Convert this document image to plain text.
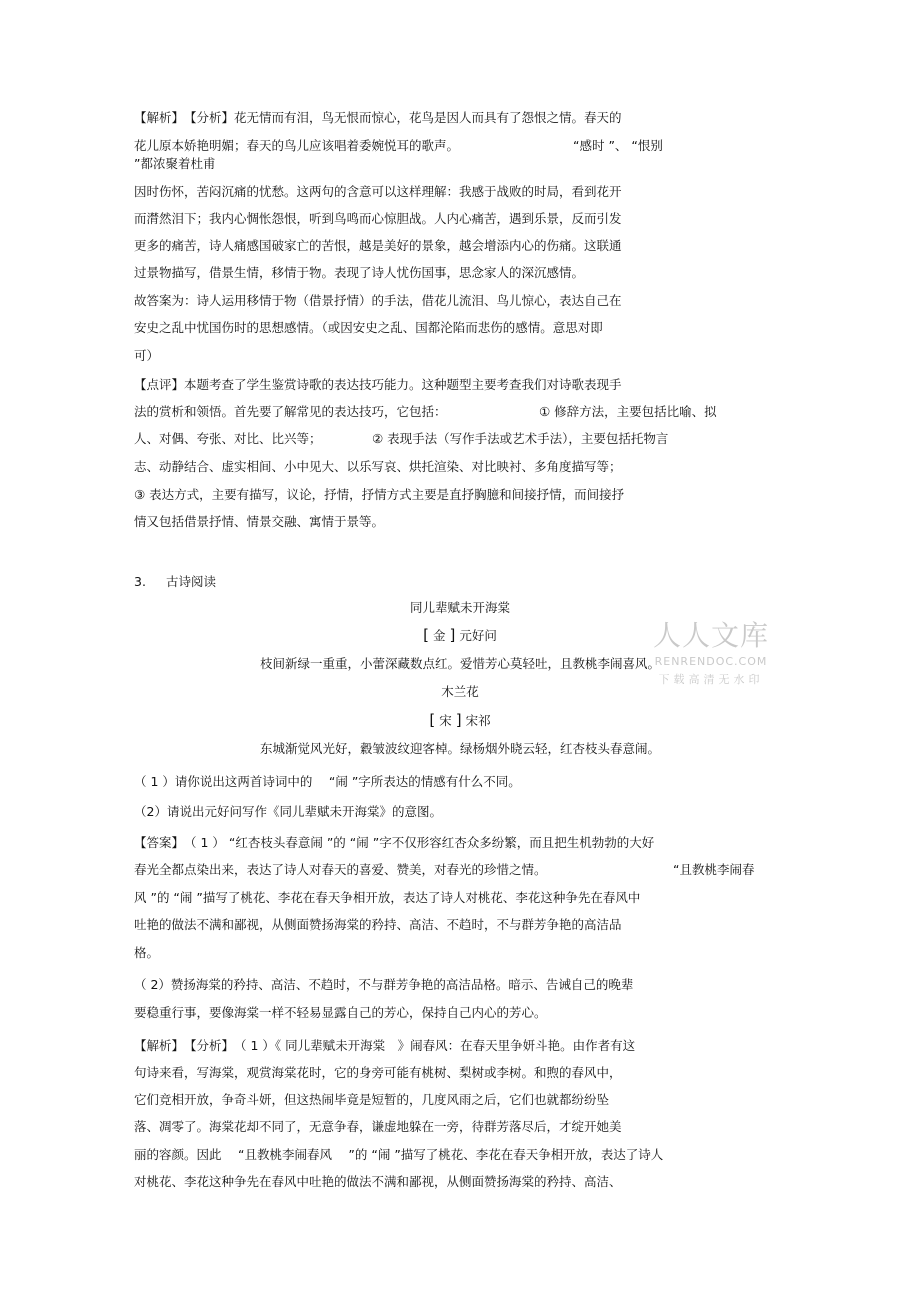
【解析】　【分析】花无情而有泪，鸟无恨而惊心，花鸟是因人而具有了怨恨之情。春天的
花儿原本娇艳明媚；春天的鸟儿应该唱着委婉悦耳的歌声。	“感时 ”、 “恨别
”都浓聚着杜甫
因时伤怀，苦闷沉痛的忧愁。这两句的含意可以这样理解：我感于战败的时局，看到花开
而潸然泪下；我内心惆怅怨恨，听到鸟鸣而心惊胆战。人内心痛苦，遇到乐景，反而引发
更多的痛苦，诗人痛感国破家亡的苦恨，越是美好的景象，越会增添内心的伤痛。这联通
过景物描写，借景生情，移情于物。表现了诗人忧伤国事，思念家人的深沉感情。
故答案为：诗人运用移情于物（借景抒情）的手法，借花儿流泪、鸟儿惊心，表达自己在
安史之乱中忧国伤时的思想感情。（或因安史之乱、国都沦陷而悲伤的感情。意思对即
可）
【点评】本题考查了学生鉴赏诗歌的表达技巧能力。这种题型主要考查我们对诗歌表现手
法的赏析和领悟。首先要了解常见的表达技巧，它包括：	① 修辞方法，主要包括比喻、拟
人、对偶、夸张、对比、比兴等；	② 表现手法（写作手法或艺术手法），主要包括托物言
志、动静结合、虚实相间、小中见大、以乐写哀、烘托渲染、对比映衬、多角度描写等；
③ 表达方式，主要有描写，议论，抒情，抒情方式主要是直抒胸臆和间接抒情，而间接抒
情又包括借景抒情、情景交融、寓情于景等。
3. 古诗阅读
同儿辈赋未开海棠
[ 金 ] 元好问
枝间新绿一重重，小蕾深藏数点红。爱惜芳心莫轻吐，且教桃李闹喜风。
木兰花
[ 宋 ] 宋祁
东城渐觉风光好，縠皱波纹迎客棹。绿杨烟外晓云轻，红杏枝头春意闹。
（ 1 ）请你说出这两首诗词中的　 “闹 ”字所表达的情感有什么不同。
（2）请说出元好问写作《同儿辈赋未开海棠》的意图。
【答案】　（ 1 ） “红杏枝头春意闹 ”的 “闹 ”字不仅形容红杏众多纷繁，而且把生机勃勃的大好
春光全都点染出来，表达了诗人对春天的喜爱、赞美，对春光的珍惜之情。	“且教桃李闹春
风 ”的 “闹 ”描写了桃花、李花在春天争相开放，表达了诗人对桃花、李花这种争先在春风中
吐艳的做法不满和鄙视，从侧面赞扬海棠的矜持、高洁、不趋时，不与群芳争艳的高洁品
格。
（ 2）赞扬海棠的矜持、高洁、不趋时，不与群芳争艳的高洁品格。暗示、告诫自己的晚辈
要稳重行事，要像海棠一样不轻易显露自己的芳心，保持自己内心的芳心。
【解析】　【分析】　（ 1 ）《 同儿辈赋未开海棠　》闹春风：在春天里争妍斗艳。由作者有这
句诗来看，写海棠，观赏海棠花时，它的身旁可能有桃树、梨树或李树。和煦的春风中，
它们竞相开放，争奇斗妍，但这热闹毕竟是短暂的，几度风雨之后，它们也就都纷纷坠
落、凋零了。海棠花却不同了，无意争春，谦虚地躲在一旁，待群芳落尽后，才绽开她美
丽的容颜。因此　 “且教桃李闹春风　 ”的 “闹 ”描写了桃花、李花在春天争相开放，表达了诗人
对桃花、李花这种争先在春风中吐艳的做法不满和鄙视，从侧面赞扬海棠的矜持、高洁、
人人文库
RENRENDOC.COM
下载高清无水印
